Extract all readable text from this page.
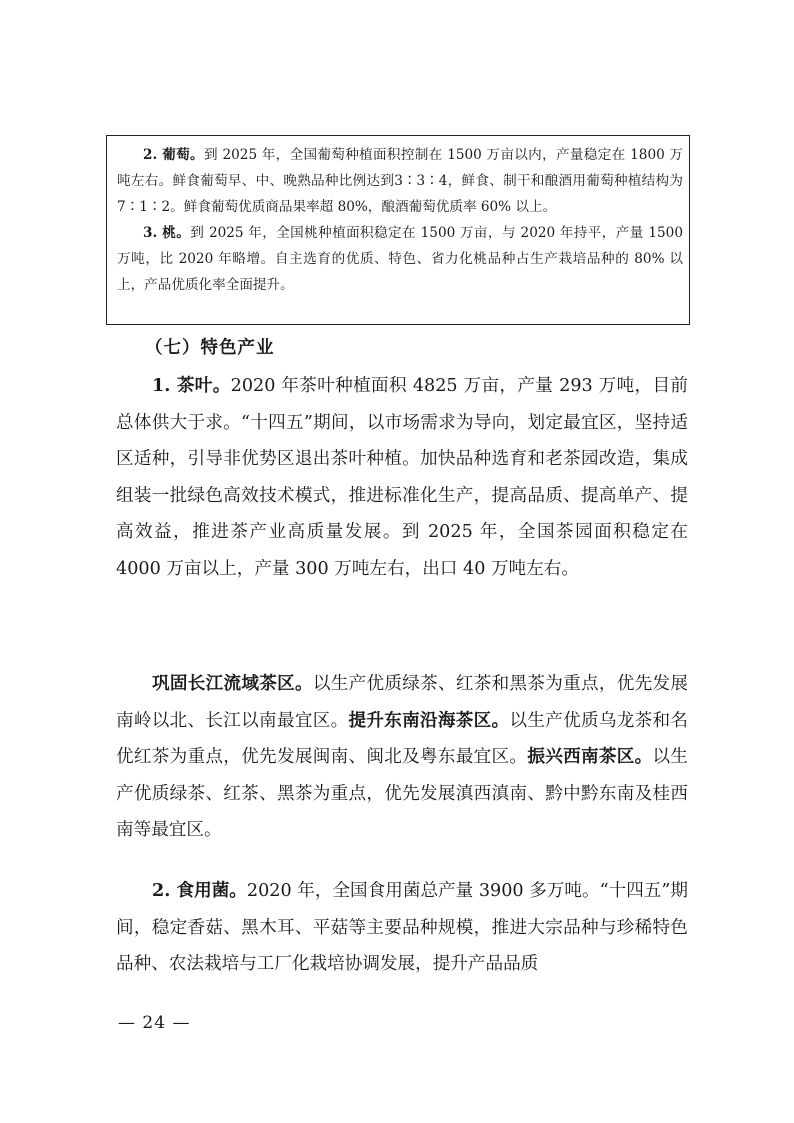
2. 葡萄。到 2025 年，全国葡萄种植面积控制在 1500 万亩以内，产量稳定在 1800 万吨左右。鲜食葡萄早、中、晚熟品种比例达到3∶3∶4，鲜食、制干和酿酒用葡萄种植结构为 7∶1∶2。鲜食葡萄优质商品果率超 80%，酿酒葡萄优质率 60% 以上。

3. 桃。到 2025 年，全国桃种植面积稳定在 1500 万亩，与 2020 年持平，产量 1500 万吨，比 2020 年略增。自主选育的优质、特色、省力化桃品种占生产栽培品种的 80% 以上，产品优质化率全面提升。

（七）特色产业

1. 茶叶。2020 年茶叶种植面积 4825 万亩，产量 293 万吨，目前总体供大于求。“十四五”期间，以市场需求为导向，划定最宜区，坚持适区适种，引导非优势区退出茶叶种植。加快品种选育和老茶园改造，集成组装一批绿色高效技术模式，推进标准化生产，提高品质、提高单产、提高效益，推进茶产业高质量发展。到 2025 年，全国茶园面积稳定在 4000 万亩以上，产量 300 万吨左右，出口 40 万吨左右。

巩固长江流域茶区。以生产优质绿茶、红茶和黑茶为重点，优先发展南岭以北、长江以南最宜区。提升东南沿海茶区。以生产优质乌龙茶和名优红茶为重点，优先发展闽南、闽北及粤东最宜区。振兴西南茶区。以生产优质绿茶、红茶、黑茶为重点，优先发展滇西滇南、黔中黔东南及桂西南等最宜区。

2. 食用菌。2020 年，全国食用菌总产量 3900 多万吨。“十四五”期间，稳定香菇、黑木耳、平菇等主要品种规模，推进大宗品种与珍稀特色品种、农法栽培与工厂化栽培协调发展，提升产品品质

— 24 —
